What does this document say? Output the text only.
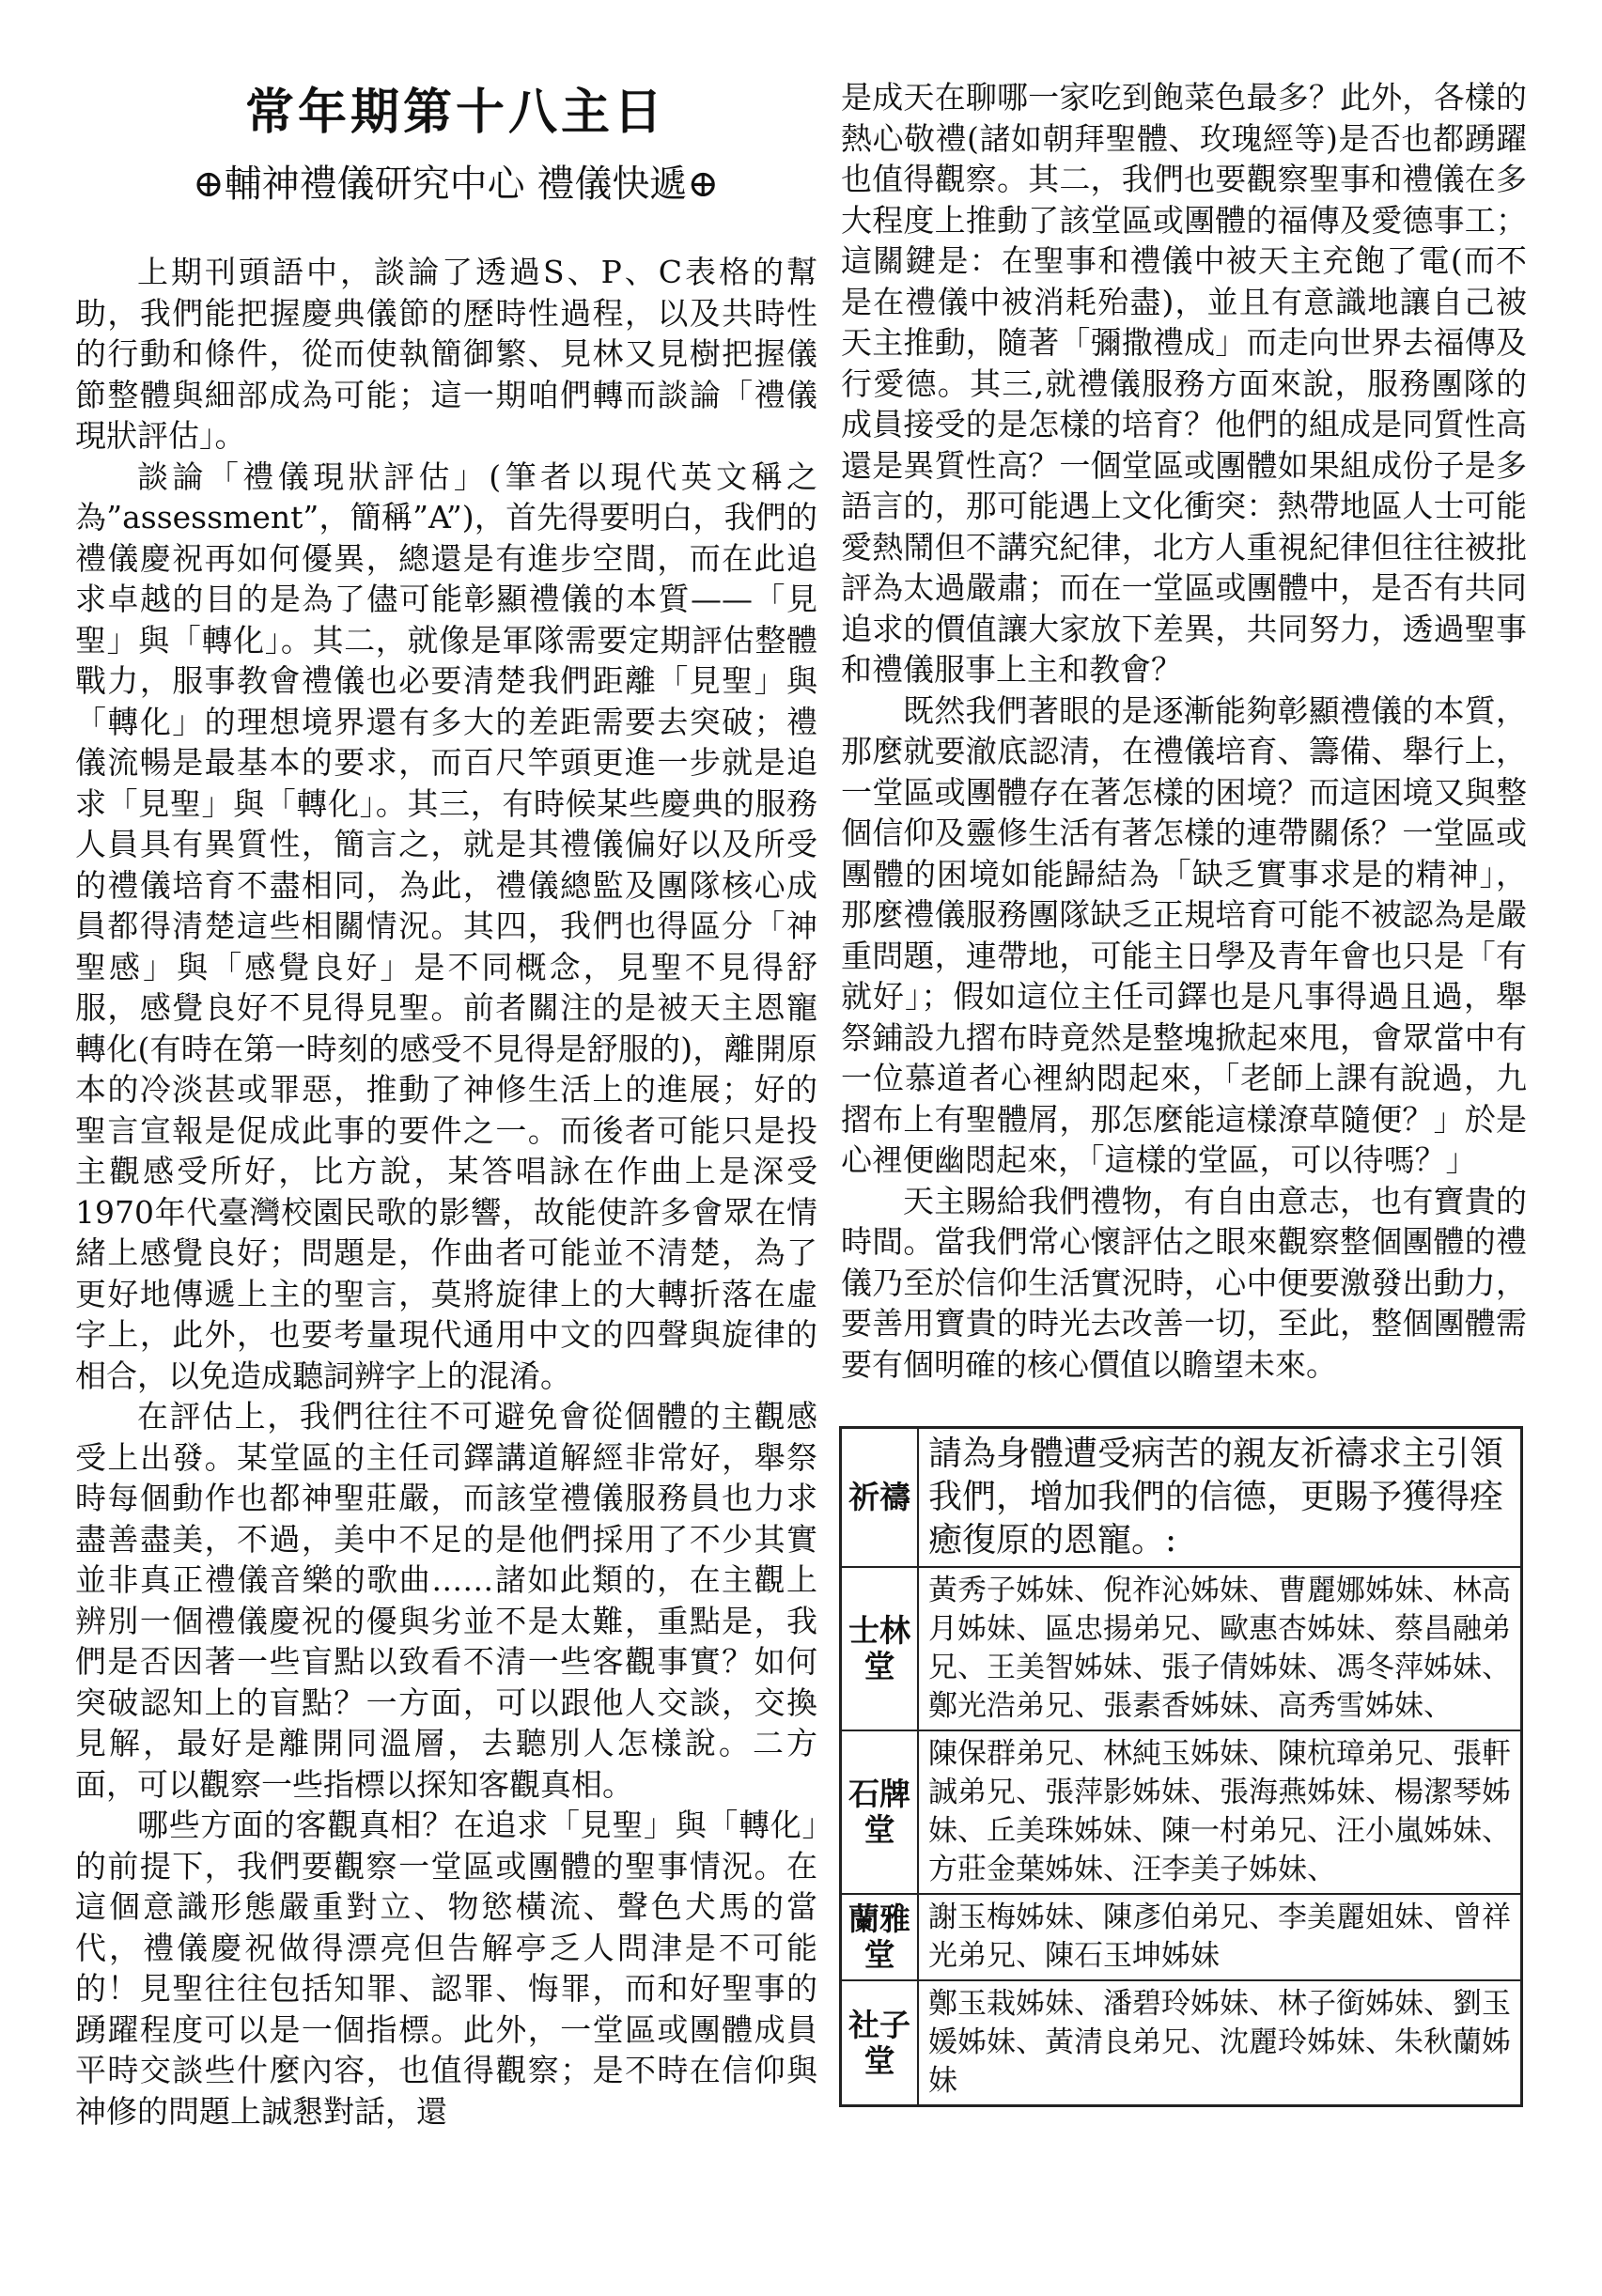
常年期第十八主日
⊕輔神禮儀研究中心 禮儀快遞⊕

上期刊頭語中，談論了透過S、P、C表格的幫助，我們能把握慶典儀節的歷時性過程，以及共時性的行動和條件，從而使執簡御繁、見林又見樹把握儀節整體與細部成為可能；這一期咱們轉而談論「禮儀現狀評估」。

談論「禮儀現狀評估」(筆者以現代英文稱之為”assessment”，簡稱”A”)，首先得要明白，我們的禮儀慶祝再如何優異，總還是有進步空間，而在此追求卓越的目的是為了儘可能彰顯禮儀的本質——「見聖」與「轉化」。其二，就像是軍隊需要定期評估整體戰力，服事教會禮儀也必要清楚我們距離「見聖」與「轉化」的理想境界還有多大的差距需要去突破；禮儀流暢是最基本的要求，而百尺竿頭更進一步就是追求「見聖」與「轉化」。其三，有時候某些慶典的服務人員具有異質性，簡言之，就是其禮儀偏好以及所受的禮儀培育不盡相同，為此，禮儀總監及團隊核心成員都得清楚這些相關情況。其四，我們也得區分「神聖感」與「感覺良好」是不同概念，見聖不見得舒服，感覺良好不見得見聖。前者關注的是被天主恩寵轉化(有時在第一時刻的感受不見得是舒服的)，離開原本的冷淡甚或罪惡，推動了神修生活上的進展；好的聖言宣報是促成此事的要件之一。而後者可能只是投主觀感受所好，比方說，某答唱詠在作曲上是深受1970年代臺灣校園民歌的影響，故能使許多會眾在情緒上感覺良好；問題是，作曲者可能並不清楚，為了更好地傳遞上主的聖言，莫將旋律上的大轉折落在虛字上，此外，也要考量現代通用中文的四聲與旋律的相合，以免造成聽詞辨字上的混淆。

在評估上，我們往往不可避免會從個體的主觀感受上出發。某堂區的主任司鐸講道解經非常好，舉祭時每個動作也都神聖莊嚴，而該堂禮儀服務員也力求盡善盡美，不過，美中不足的是他們採用了不少其實並非真正禮儀音樂的歌曲……諸如此類的，在主觀上辨別一個禮儀慶祝的優與劣並不是太難，重點是，我們是否因著一些盲點以致看不清一些客觀事實？如何突破認知上的盲點？一方面，可以跟他人交談，交換見解，最好是離開同溫層，去聽別人怎樣說。二方面，可以觀察一些指標以探知客觀真相。

哪些方面的客觀真相？在追求「見聖」與「轉化」的前提下，我們要觀察一堂區或團體的聖事情況。在這個意識形態嚴重對立、物慾橫流、聲色犬馬的當代，禮儀慶祝做得漂亮但告解亭乏人問津是不可能的！見聖往往包括知罪、認罪、悔罪，而和好聖事的踴躍程度可以是一個指標。此外，一堂區或團體成員平時交談些什麼內容，也值得觀察；是不時在信仰與神修的問題上誠懇對話，還

是成天在聊哪一家吃到飽菜色最多？此外，各樣的熱心敬禮(諸如朝拜聖體、玫瑰經等)是否也都踴躍也值得觀察。其二，我們也要觀察聖事和禮儀在多大程度上推動了該堂區或團體的福傳及愛德事工；這關鍵是：在聖事和禮儀中被天主充飽了電(而不是在禮儀中被消耗殆盡)，並且有意識地讓自己被天主推動，隨著「彌撒禮成」而走向世界去福傳及行愛德。其三,就禮儀服務方面來說，服務團隊的成員接受的是怎樣的培育？他們的組成是同質性高還是異質性高？一個堂區或團體如果組成份子是多語言的，那可能遇上文化衝突：熱帶地區人士可能愛熱鬧但不講究紀律，北方人重視紀律但往往被批評為太過嚴肅；而在一堂區或團體中，是否有共同追求的價值讓大家放下差異，共同努力，透過聖事和禮儀服事上主和教會？

既然我們著眼的是逐漸能夠彰顯禮儀的本質，那麼就要澈底認清，在禮儀培育、籌備、舉行上，一堂區或團體存在著怎樣的困境？而這困境又與整個信仰及靈修生活有著怎樣的連帶關係？一堂區或團體的困境如能歸結為「缺乏實事求是的精神」，那麼禮儀服務團隊缺乏正規培育可能不被認為是嚴重問題，連帶地，可能主日學及青年會也只是「有就好」；假如這位主任司鐸也是凡事得過且過，舉祭鋪設九摺布時竟然是整塊掀起來甩，會眾當中有一位慕道者心裡納悶起來，「老師上課有說過，九摺布上有聖體屑，那怎麼能這樣潦草隨便？」於是心裡便幽悶起來，「這樣的堂區，可以待嗎？」

天主賜給我們禮物，有自由意志，也有寶貴的時間。當我們常心懷評估之眼來觀察整個團體的禮儀乃至於信仰生活實況時，心中便要激發出動力，要善用寶貴的時光去改善一切，至此，整個團體需要有個明確的核心價值以瞻望未來。

祈禱	請為身體遭受病苦的親友祈禱求主引領我們，增加我們的信德，更賜予獲得痊癒復原的恩寵。:
士林堂	黃秀子姊妹、倪祚沁姊妹、曹麗娜姊妹、林高月姊妹、區忠揚弟兄、歐惠杏姊妹、蔡昌融弟兄、王美智姊妹、張子倩姊妹、馮冬萍姊妹、鄭光浩弟兄、張素香姊妹、高秀雪姊妹、
石牌堂	陳保群弟兄、林純玉姊妹、陳杭璋弟兄、張軒誠弟兄、張萍影姊妹、張海燕姊妹、楊潔琴姊妹、丘美珠姊妹、陳一村弟兄、汪小嵐姊妹、方莊金葉姊妹、汪李美子姊妹、
蘭雅堂	謝玉梅姊妹、陳彥伯弟兄、李美麗姐妹、曾祥光弟兄、陳石玉坤姊妹
社子堂	鄭玉栽姊妹、潘碧玲姊妹、林子銜姊妹、劉玉媛姊妹、黃清良弟兄、沈麗玲姊妹、朱秋蘭姊妹
